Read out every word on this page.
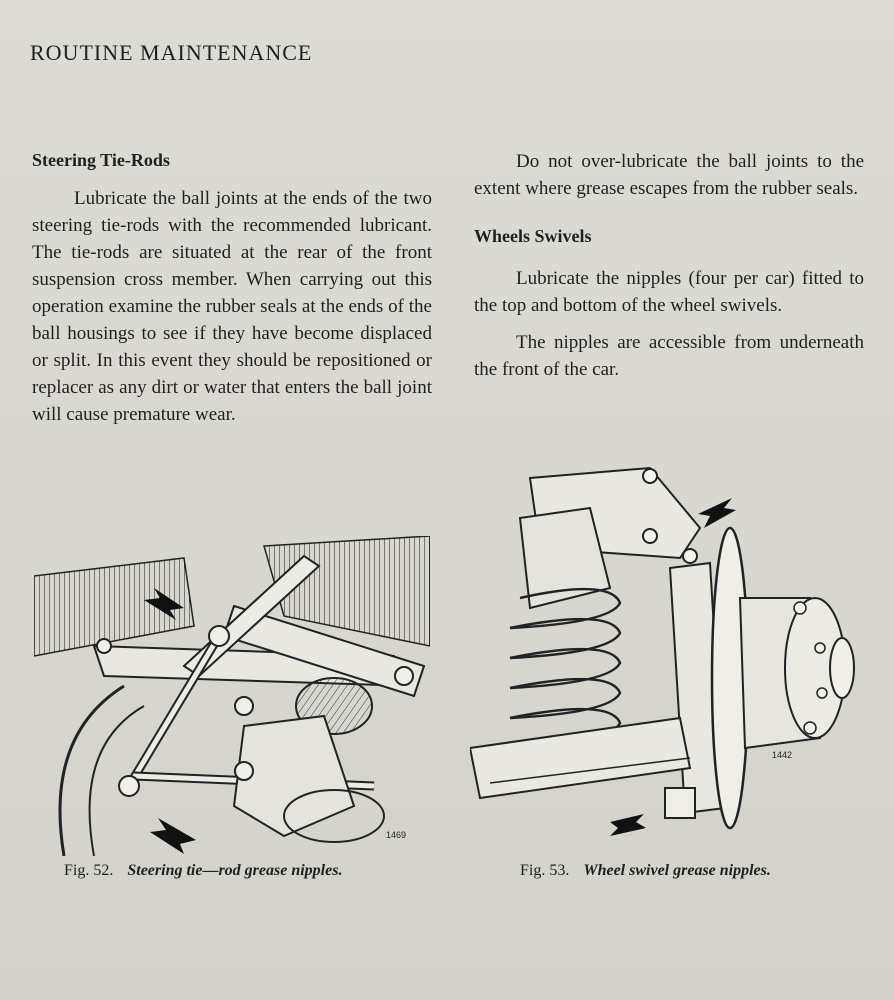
ROUTINE MAINTENANCE
Steering Tie-Rods

Lubricate the ball joints at the ends of the two steering tie-rods with the recommended lubricant. The tie-rods are situated at the rear of the front suspension cross member. When carrying out this operation examine the rubber seals at the ends of the ball housings to see if they have become displaced or split. In this event they should be repositioned or replacer as any dirt or water that enters the ball joint will cause premature wear.

Do not over-lubricate the ball joints to the extent where grease escapes from the rubber seals.

Wheels Swivels

Lubricate the nipples (four per car) fitted to the top and bottom of the wheel swivels.

The nipples are accessible from underneath the front of the car.

1469
1442
Fig. 52. Steering tie—rod grease nipples.	Fig. 53. Wheel swivel grease nipples.
